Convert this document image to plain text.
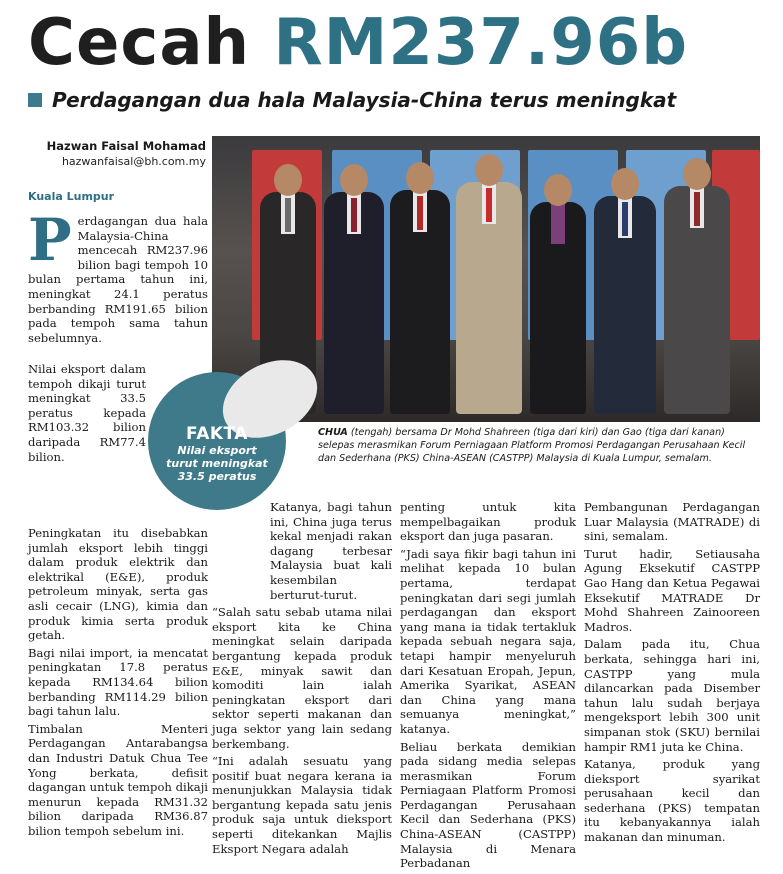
Cecah RM237.96b
Perdagangan dua hala Malaysia-China terus meningkat
Hazwan Faisal Mohamad
hazwanfaisal@bh.com.my
Kuala Lumpur

Perdagangan dua hala Malaysia-China mencecah RM237.96 bilion bagi tempoh 10 bulan pertama tahun ini, meningkat 24.1 peratus berbanding RM191.65 bilion pada tempoh sama tahun sebelumnya.

Nilai eksport dalam tempoh dikaji turut meningkat 33.5 peratus kepada RM103.32 bilion daripada RM77.4 bilion.

Peningkatan itu disebabkan jumlah eksport lebih tinggi dalam produk elektrik dan elektrikal (E&E), produk petroleum minyak, serta gas asli cecair (LNG), kimia dan produk kimia serta produk getah.

Bagi nilai import, ia mencatat peningkatan 17.8 peratus kepada RM134.64 bilion berbanding RM114.29 bilion bagi tahun lalu.

Timbalan Menteri Perdagangan Antarabangsa dan Industri Datuk Chua Tee Yong berkata, defisit dagangan untuk tempoh dikaji menurun kepada RM31.32 bilion daripada RM36.87 bilion tempoh sebelum ini.

FAKTA
Nilai eksport turut meningkat 33.5 peratus
CHUA (tengah) bersama Dr Mohd Shahreen (tiga dari kiri) dan Gao (tiga dari kanan) selepas merasmikan Forum Perniagaan Platform Promosi Perdagangan Perusahaan Kecil dan Sederhana (PKS) China-ASEAN (CASTPP) Malaysia di Kuala Lumpur, semalam.

Katanya, bagi tahun ini, China juga terus kekal menjadi rakan dagang terbesar Malaysia buat kali kesembilan berturut-turut.

“Salah satu sebab utama nilai eksport kita ke China meningkat selain daripada bergantung kepada produk E&E, minyak sawit dan komoditi lain ialah peningkatan eksport dari sektor seperti makanan dan juga sektor yang lain sedang berkembang.

“Ini adalah sesuatu yang positif buat negara kerana ia menunjukkan Malaysia tidak bergantung kepada satu jenis produk saja untuk dieksport seperti ditekankan Majlis Eksport Negara adalah

penting untuk kita mempelbagaikan produk eksport dan juga pasaran.

“Jadi saya fikir bagi tahun ini melihat kepada 10 bulan pertama, terdapat peningkatan dari segi jumlah perdagangan dan eksport yang mana ia tidak tertakluk kepada sebuah negara saja, tetapi hampir menyeluruh dari Kesatuan Eropah, Jepun, Amerika Syarikat, ASEAN dan China yang mana semuanya meningkat,” katanya.

Beliau berkata demikian pada sidang media selepas merasmikan Forum Perniagaan Platform Promosi Perdagangan Perusahaan Kecil dan Sederhana (PKS) China-ASEAN (CASTPP) Malaysia di Menara Perbadanan

Pembangunan Perdagangan Luar Malaysia (MATRADE) di sini, semalam.

Turut hadir, Setiausaha Agung Eksekutif CASTPP Gao Hang dan Ketua Pegawai Eksekutif MATRADE Dr Mohd Shahreen Zainooreen Madros.

Dalam pada itu, Chua berkata, sehingga hari ini, CASTPP yang mula dilancarkan pada Disember tahun lalu sudah berjaya mengeksport lebih 300 unit simpanan stok (SKU) bernilai hampir RM1 juta ke China.

Katanya, produk yang dieksport syarikat perusahaan kecil dan sederhana (PKS) tempatan itu kebanyakannya ialah makanan dan minuman.
